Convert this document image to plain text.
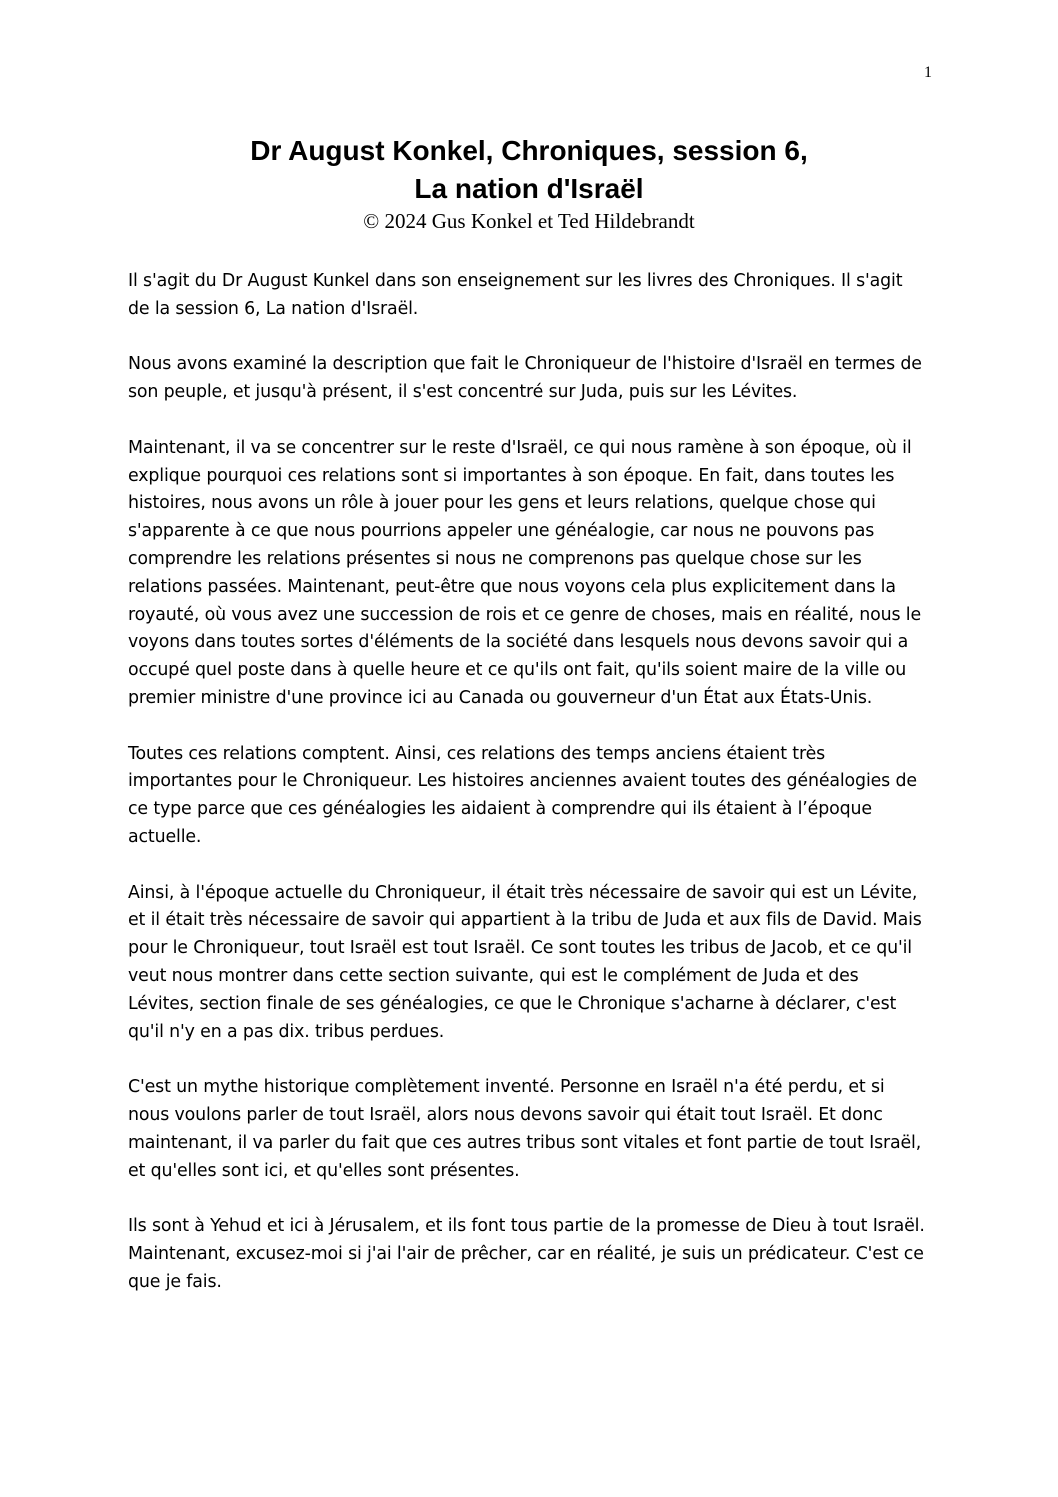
1

Dr August Konkel, Chroniques, session 6,

La nation d'Israël

© 2024 Gus Konkel et Ted Hildebrandt

Il s'agit du Dr August Kunkel dans son enseignement sur les livres des Chroniques. Il s'agit de la session 6, La nation d'Israël.

Nous avons examiné la description que fait le Chroniqueur de l'histoire d'Israël en termes de son peuple, et jusqu'à présent, il s'est concentré sur Juda, puis sur les Lévites.

Maintenant, il va se concentrer sur le reste d'Israël, ce qui nous ramène à son époque, où il explique pourquoi ces relations sont si importantes à son époque. En fait, dans toutes les histoires, nous avons un rôle à jouer pour les gens et leurs relations, quelque chose qui s'apparente à ce que nous pourrions appeler une généalogie, car nous ne pouvons pas comprendre les relations présentes si nous ne comprenons pas quelque chose sur les relations passées. Maintenant, peut-être que nous voyons cela plus explicitement dans la royauté, où vous avez une succession de rois et ce genre de choses, mais en réalité, nous le voyons dans toutes sortes d'éléments de la société dans lesquels nous devons savoir qui a occupé quel poste dans à quelle heure et ce qu'ils ont fait, qu'ils soient maire de la ville ou premier ministre d'une province ici au Canada ou gouverneur d'un État aux États-Unis.

Toutes ces relations comptent. Ainsi, ces relations des temps anciens étaient très importantes pour le Chroniqueur. Les histoires anciennes avaient toutes des généalogies de ce type parce que ces généalogies les aidaient à comprendre qui ils étaient à l’époque actuelle.

Ainsi, à l'époque actuelle du Chroniqueur, il était très nécessaire de savoir qui est un Lévite, et il était très nécessaire de savoir qui appartient à la tribu de Juda et aux fils de David. Mais pour le Chroniqueur, tout Israël est tout Israël. Ce sont toutes les tribus de Jacob, et ce qu'il veut nous montrer dans cette section suivante, qui est le complément de Juda et des Lévites, section finale de ses généalogies, ce que le Chronique s'acharne à déclarer, c'est qu'il n'y en a pas dix. tribus perdues.

C'est un mythe historique complètement inventé. Personne en Israël n'a été perdu, et si nous voulons parler de tout Israël, alors nous devons savoir qui était tout Israël. Et donc maintenant, il va parler du fait que ces autres tribus sont vitales et font partie de tout Israël, et qu'elles sont ici, et qu'elles sont présentes.

Ils sont à Yehud et ici à Jérusalem, et ils font tous partie de la promesse de Dieu à tout Israël. Maintenant, excusez-moi si j'ai l'air de prêcher, car en réalité, je suis un prédicateur. C'est ce que je fais.
